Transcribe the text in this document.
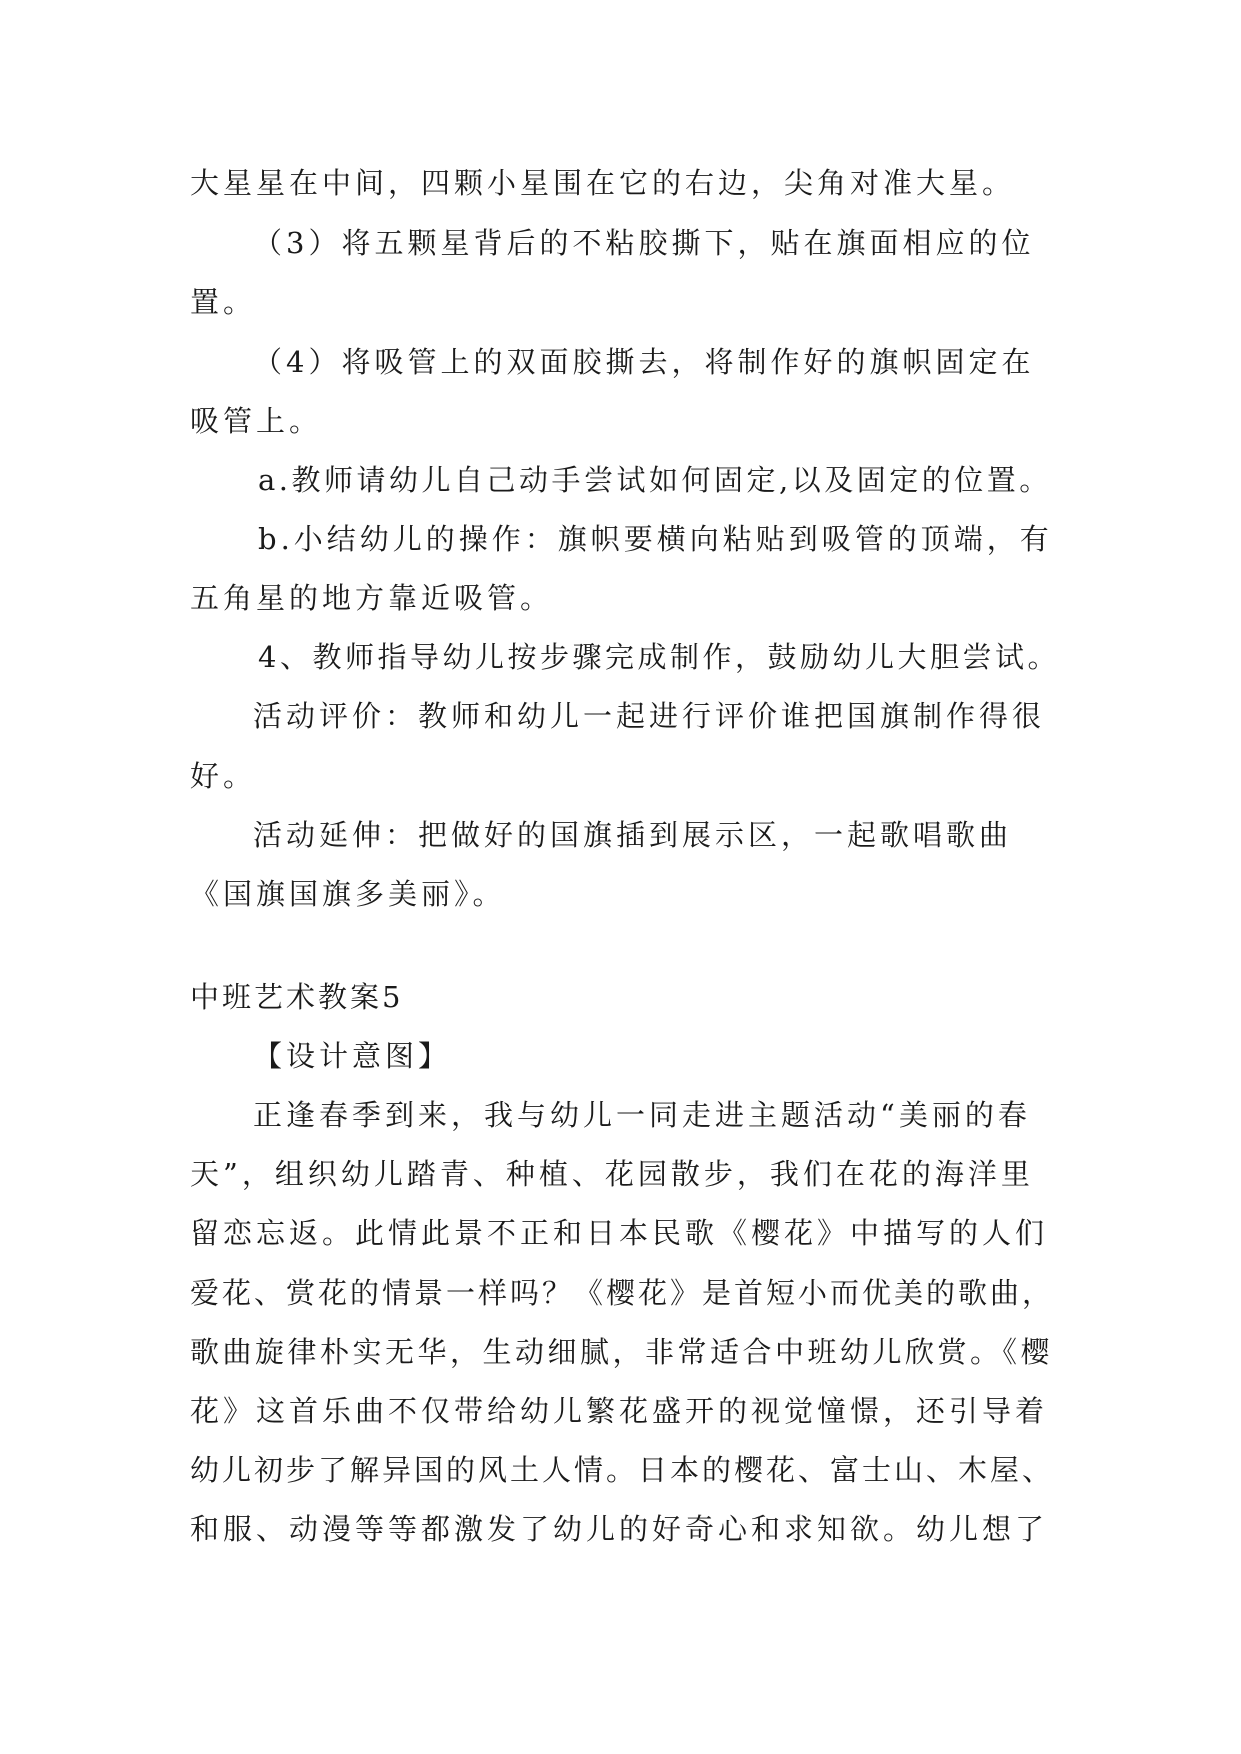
大星星在中间，四颗小星围在它的右边，尖角对准大星。
（3）将五颗星背后的不粘胶撕下，贴在旗面相应的位
置。
（4）将吸管上的双面胶撕去，将制作好的旗帜固定在
吸管上。
a.教师请幼儿自己动手尝试如何固定,以及固定的位置。
b.小结幼儿的操作：旗帜要横向粘贴到吸管的顶端，有
五角星的地方靠近吸管。
4、教师指导幼儿按步骤完成制作，鼓励幼儿大胆尝试。
活动评价：教师和幼儿一起进行评价谁把国旗制作得很
好。
活动延伸：把做好的国旗插到展示区，一起歌唱歌曲
《国旗国旗多美丽》。
中班艺术教案5
【设计意图】
正逢春季到来，我与幼儿一同走进主题活动“美丽的春
天”，组织幼儿踏青、种植、花园散步，我们在花的海洋里
留恋忘返。此情此景不正和日本民歌《樱花》中描写的人们
爱花、赏花的情景一样吗？《樱花》是首短小而优美的歌曲，
歌曲旋律朴实无华，生动细腻，非常适合中班幼儿欣赏。《樱
花》这首乐曲不仅带给幼儿繁花盛开的视觉憧憬，还引导着
幼儿初步了解异国的风土人情。日本的樱花、富士山、木屋、
和服、动漫等等都激发了幼儿的好奇心和求知欲。幼儿想了
